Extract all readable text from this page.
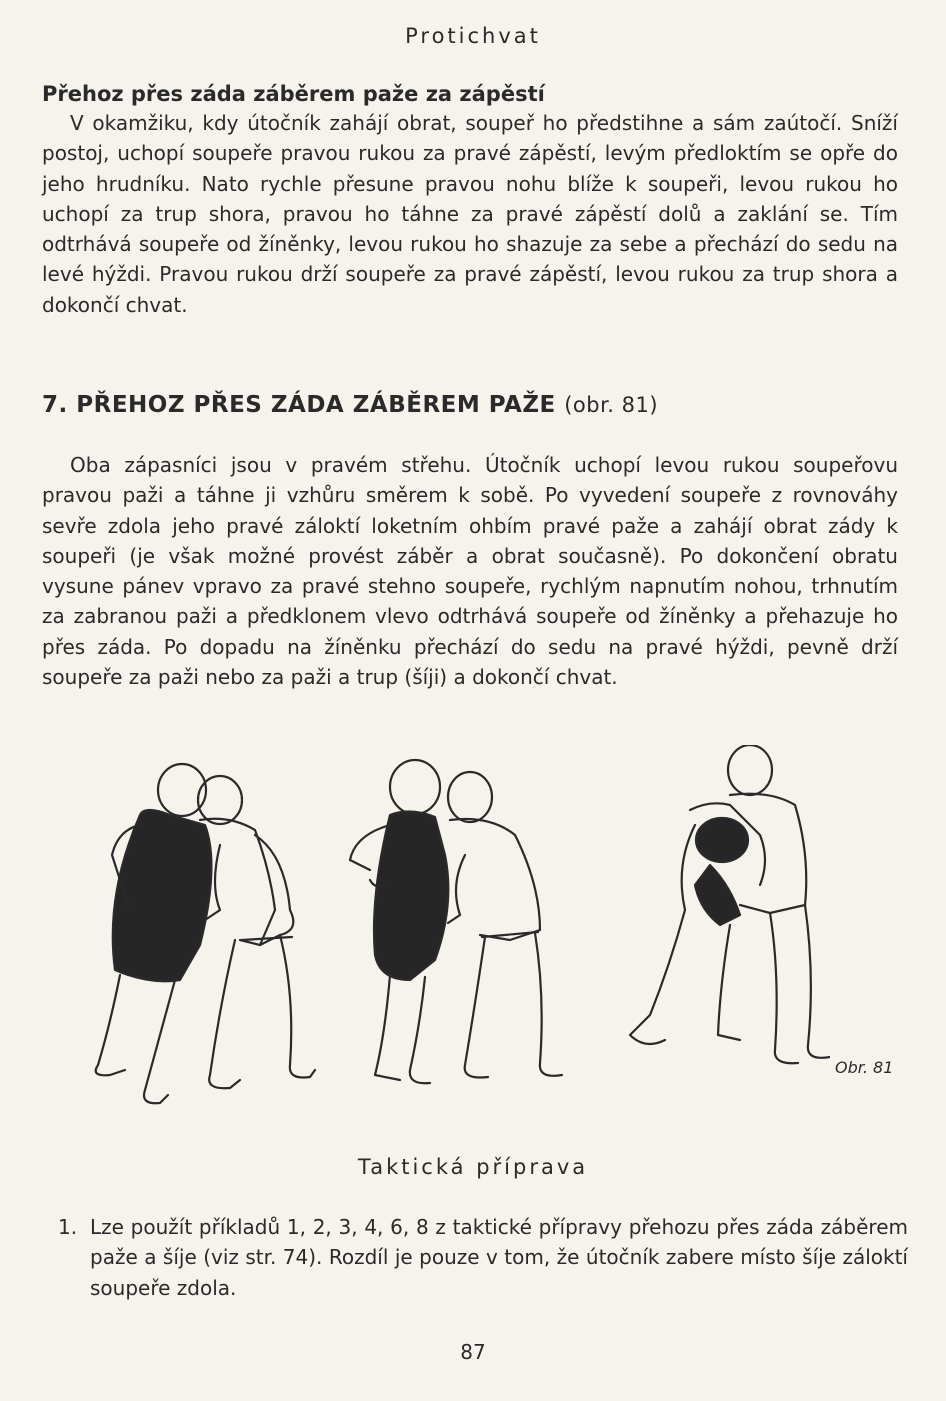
Protichvat
Přehoz přes záda záběrem paže za zápěstí

V okamžiku, kdy útočník zahájí obrat, soupeř ho předstihne a sám zaútočí. Sníží postoj, uchopí soupeře pravou rukou za pravé zápěstí, levým předloktím se opře do jeho hrudníku. Nato rychle přesune pravou nohu blíže k soupeři, levou rukou ho uchopí za trup shora, pravou ho táhne za pravé zápěstí dolů a zaklání se. Tím odtrhává soupeře od žíněnky, levou rukou ho shazuje za sebe a přechází do sedu na levé hýždi. Pravou rukou drží soupeře za pravé zápěstí, levou rukou za trup shora a dokončí chvat.

7. PŘEHOZ PŘES ZÁDA ZÁBĚREM PAŽE (obr. 81)

Oba zápasníci jsou v pravém střehu. Útočník uchopí levou rukou soupeřovu pravou paži a táhne ji vzhůru směrem k sobě. Po vyvedení soupeře z rovnováhy sevře zdola jeho pravé záloktí loketním ohbím pravé paže a zahájí obrat zády k soupeři (je však možné provést záběr a obrat současně). Po dokončení obratu vysune pánev vpravo za pravé stehno soupeře, rychlým napnutím nohou, trhnutím za zabranou paži a předklonem vlevo odtrhává soupeře od žíněnky a přehazuje ho přes záda. Po dopadu na žíněnku přechází do sedu na pravé hýždi, pevně drží soupeře za paži nebo za paži a trup (šíji) a dokončí chvat.

Obr. 81
Taktická příprava
1. Lze použít příkladů 1, 2, 3, 4, 6, 8 z taktické přípravy přehozu přes záda záběrem paže a šíje (viz str. 74). Rozdíl je pouze v tom, že útočník zabere místo šíje záloktí soupeře zdola.
87
